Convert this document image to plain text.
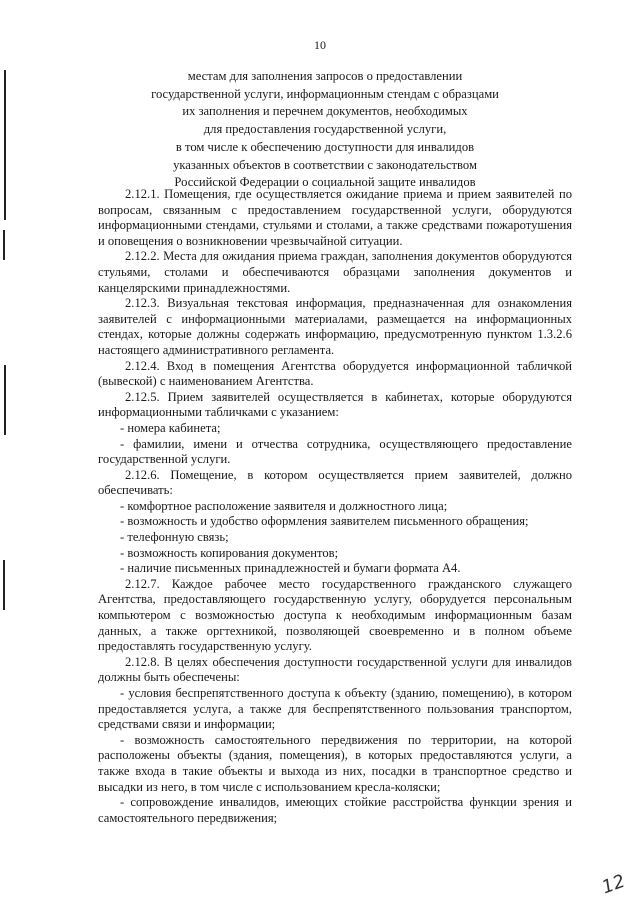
10
местам для заполнения запросов о предоставлении
государственной услуги, информационным стендам с образцами
их заполнения и перечнем документов, необходимых
для предоставления государственной услуги,
в том числе к обеспечению доступности для инвалидов
указанных объектов в соответствии с законодательством
Российской Федерации о социальной защите инвалидов

2.12.1. Помещения, где осуществляется ожидание приема и прием заявителей по вопросам, связанным с предоставлением государственной услуги, оборудуются информационными стендами, стульями и столами, а также средствами пожаротушения и оповещения о возникновении чрезвычайной ситуации.

2.12.2. Места для ожидания приема граждан, заполнения документов оборудуются стульями, столами и обеспечиваются образцами заполнения документов и канцелярскими принадлежностями.

2.12.3. Визуальная текстовая информация, предназначенная для ознакомления заявителей с информационными материалами, размещается на информационных стендах, которые должны содержать информацию, предусмотренную пунктом 1.3.2.6 настоящего административного регламента.

2.12.4. Вход в помещения Агентства оборудуется информационной табличкой (вывеской) с наименованием Агентства.

2.12.5. Прием заявителей осуществляется в кабинетах, которые оборудуются информационными табличками с указанием:

- номера кабинета;

- фамилии, имени и отчества сотрудника, осуществляющего предоставление государственной услуги.

2.12.6. Помещение, в котором осуществляется прием заявителей, должно обеспечивать:

- комфортное расположение заявителя и должностного лица;

- возможность и удобство оформления заявителем письменного обращения;

- телефонную связь;

- возможность копирования документов;

- наличие письменных принадлежностей и бумаги формата А4.

2.12.7. Каждое рабочее место государственного гражданского служащего Агентства, предоставляющего государственную услугу, оборудуется персональным компьютером с возможностью доступа к необходимым информационным базам данных, а также оргтехникой, позволяющей своевременно и в полном объеме предоставлять государственную услугу.

2.12.8. В целях обеспечения доступности государственной услуги для инвалидов должны быть обеспечены:

- условия беспрепятственного доступа к объекту (зданию, помещению), в котором предоставляется услуга, а также для беспрепятственного пользования транспортом, средствами связи и информации;

- возможность самостоятельного передвижения по территории, на которой расположены объекты (здания, помещения), в которых предоставляются услуги, а также входа в такие объекты и выхода из них, посадки в транспортное средство и высадки из него, в том числе с использованием кресла-коляски;

- сопровождение инвалидов, имеющих стойкие расстройства функции зрения и самостоятельного передвижения;

12
